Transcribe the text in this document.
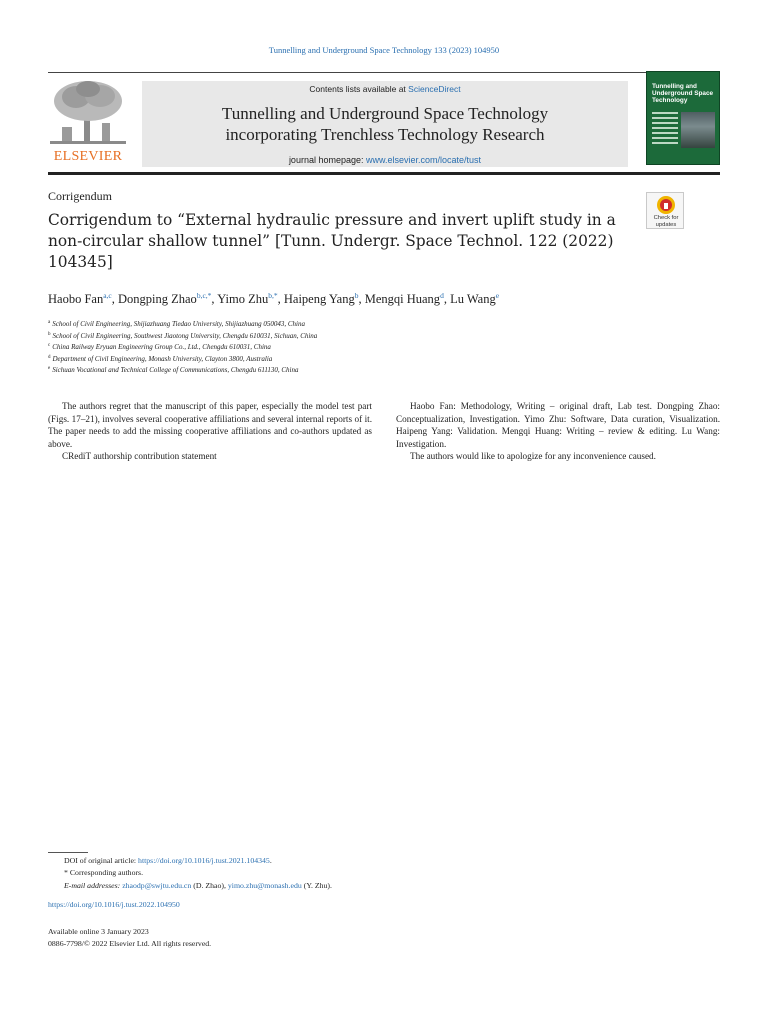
Tunnelling and Underground Space Technology 133 (2023) 104950
ELSEVIER
Contents lists available at ScienceDirect
Tunnelling and Underground Space Technology
incorporating Trenchless Technology Research
journal homepage: www.elsevier.com/locate/tust
Tunnelling and Underground Space Technology
Corrigendum
Corrigendum to “External hydraulic pressure and invert uplift study in a non-circular shallow tunnel” [Tunn. Undergr. Space Technol. 122 (2022) 104345]
Check for updates
Haobo Fan$^{a,c}$, Dongping Zhao$^{b,c,*}$, Yimo Zhu$^{b,*}$, Haipeng Yang$^b$, Mengqi Huang$^d$, Lu Wang$^e$
$^a$ School of Civil Engineering, Shijiazhuang Tiedao University, Shijiazhuang 050043, China
$^b$ School of Civil Engineering, Southwest Jiaotong University, Chengdu 610031, Sichuan, China
$^c$ China Railway Eryuan Engineering Group Co., Ltd., Chengdu 610031, China
$^d$ Department of Civil Engineering, Monash University, Clayton 3800, Australia
$^e$ Sichuan Vocational and Technical College of Communications, Chengdu 611130, China

The authors regret that the manuscript of this paper, especially the model test part (Figs. 17–21), involves several cooperative affiliations and several internal reports of it. The paper needs to add the missing cooperative affiliations and co-authors updated as above.

CRediT authorship contribution statement

Haobo Fan: Methodology, Writing – original draft, Lab test. Dongping Zhao: Conceptualization, Investigation. Yimo Zhu: Software, Data curation, Visualization. Haipeng Yang: Validation. Mengqi Huang: Writing – review & editing. Lu Wang: Investigation.

The authors would like to apologize for any inconvenience caused.

DOI of original article: https://doi.org/10.1016/j.tust.2021.104345.
* Corresponding authors.
E-mail addresses: zhaodp@swjtu.edu.cn (D. Zhao), yimo.zhu@monash.edu (Y. Zhu).
https://doi.org/10.1016/j.tust.2022.104950
Available online 3 January 2023
0886-7798/© 2022 Elsevier Ltd. All rights reserved.
